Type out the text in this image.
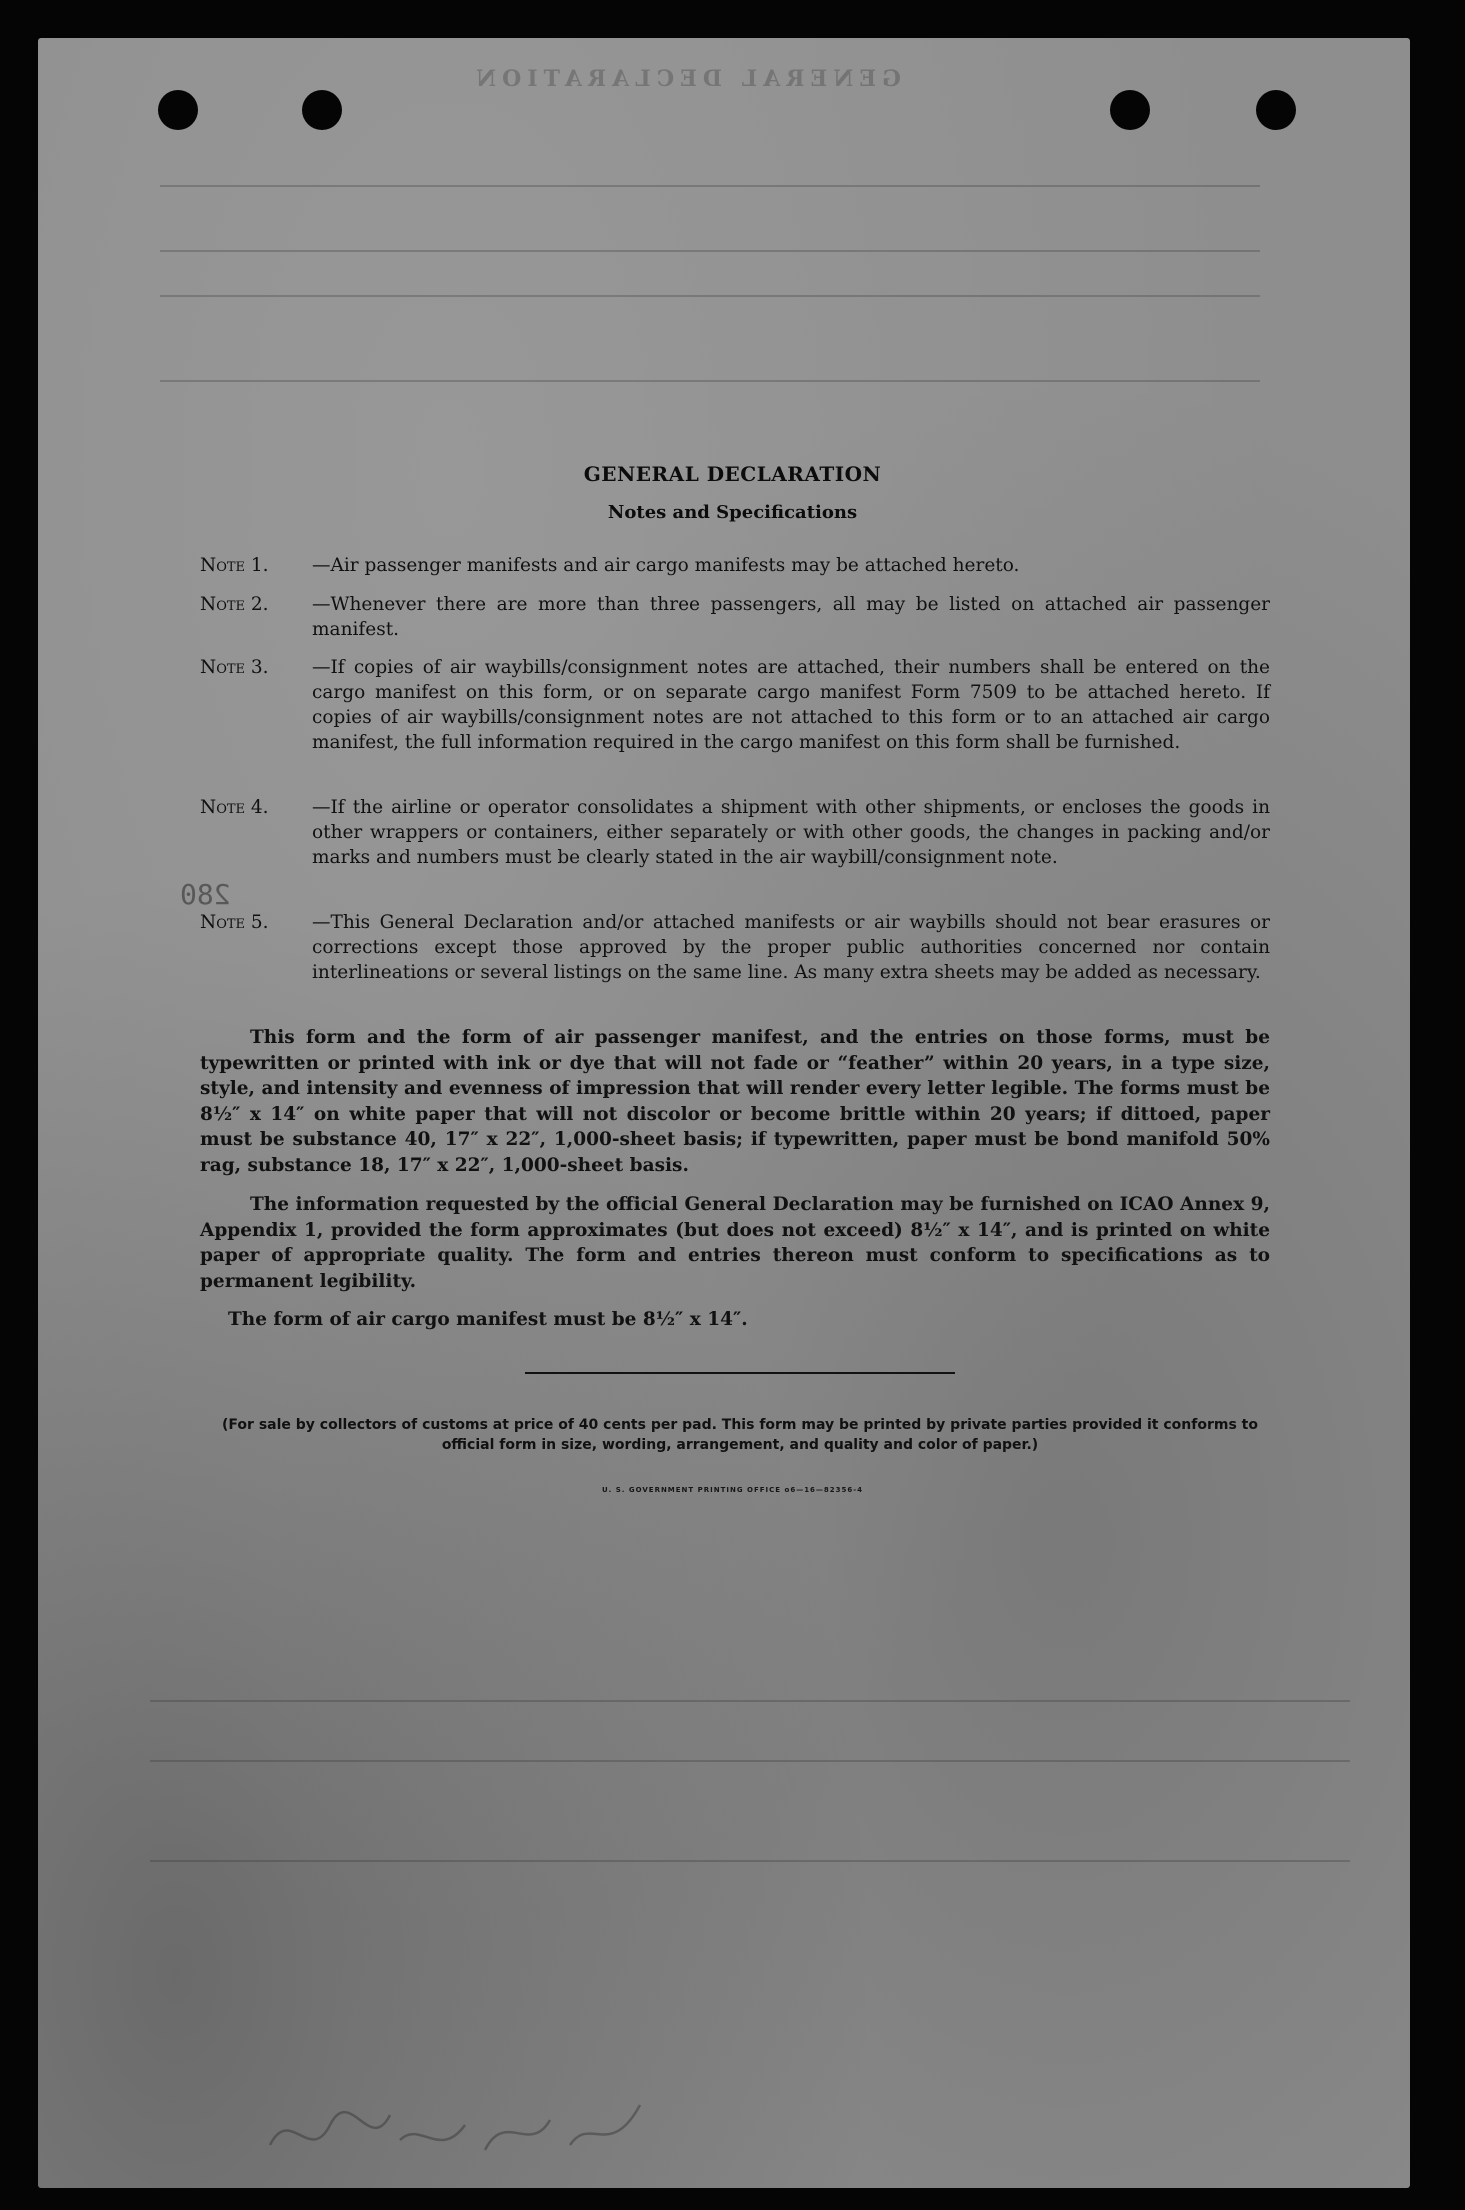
GENERAL DECLARATION
280
GENERAL DECLARATION
Notes and Specifications
Note 1.	—Air passenger manifests and air cargo manifests may be attached hereto.
Note 2.	—Whenever there are more than three passengers, all may be listed on attached air passenger manifest.
Note 3.	—If copies of air waybills/consignment notes are attached, their numbers shall be entered on the cargo manifest on this form, or on separate cargo manifest Form 7509 to be attached hereto. If copies of air waybills/consignment notes are not attached to this form or to an attached air cargo manifest, the full information required in the cargo manifest on this form shall be furnished.
Note 4.	—If the airline or operator consolidates a shipment with other shipments, or encloses the goods in other wrappers or containers, either separately or with other goods, the changes in packing and/or marks and numbers must be clearly stated in the air waybill/consignment note.
Note 5.	—This General Declaration and/or attached manifests or air waybills should not bear erasures or corrections except those approved by the proper public authorities concerned nor contain interlineations or several listings on the same line. As many extra sheets may be added as necessary.
This form and the form of air passenger manifest, and the entries on those forms, must be typewritten or printed with ink or dye that will not fade or “feather” within 20 years, in a type size, style, and intensity and evenness of impression that will render every letter legible. The forms must be 8½″ x 14″ on white paper that will not discolor or become brittle within 20 years; if dittoed, paper must be substance 40, 17″ x 22″, 1,000-sheet basis; if typewritten, paper must be bond manifold 50% rag, substance 18, 17″ x 22″, 1,000-sheet basis.
The information requested by the official General Declaration may be furnished on ICAO Annex 9, Appendix 1, provided the form approximates (but does not exceed) 8½″ x 14″, and is printed on white paper of appropriate quality. The form and entries thereon must conform to specifications as to permanent legibility.
The form of air cargo manifest must be 8½″ x 14″.
(For sale by collectors of customs at price of 40 cents per pad. This form may be printed by private parties provided it conforms to official form in size, wording, arrangement, and quality and color of paper.)
U. S. GOVERNMENT PRINTING OFFICE o6—16—82356-4
